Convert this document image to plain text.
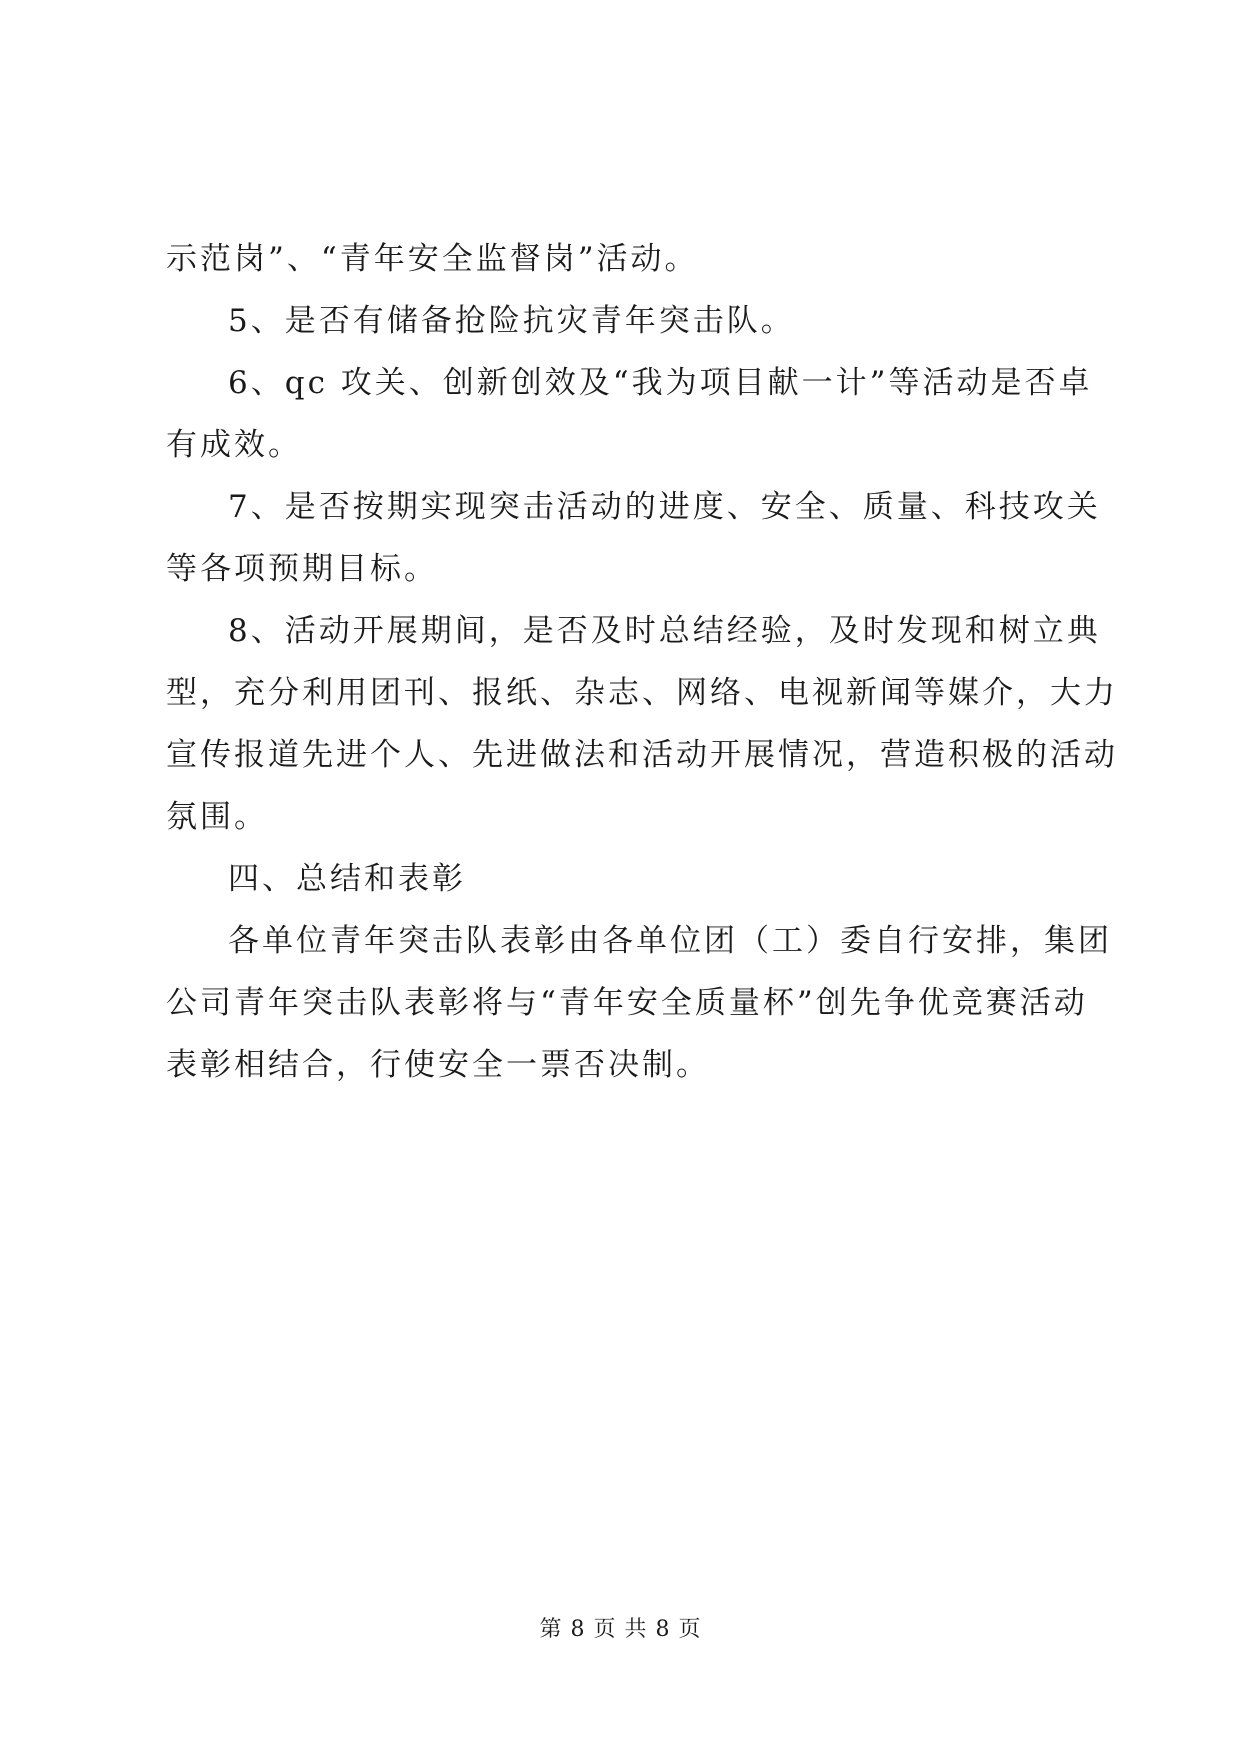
示范岗”、“青年安全监督岗”活动。
5、是否有储备抢险抗灾青年突击队。
6、qc 攻关、创新创效及“我为项目献一计”等活动是否卓
有成效。
7、是否按期实现突击活动的进度、安全、质量、科技攻关
等各项预期目标。
8、活动开展期间，是否及时总结经验，及时发现和树立典
型，充分利用团刊、报纸、杂志、网络、电视新闻等媒介，大力
宣传报道先进个人、先进做法和活动开展情况，营造积极的活动
氛围。
四、总结和表彰
各单位青年突击队表彰由各单位团（工）委自行安排，集团
公司青年突击队表彰将与“青年安全质量杯”创先争优竞赛活动
表彰相结合，行使安全一票否决制。
第 8 页 共 8 页
